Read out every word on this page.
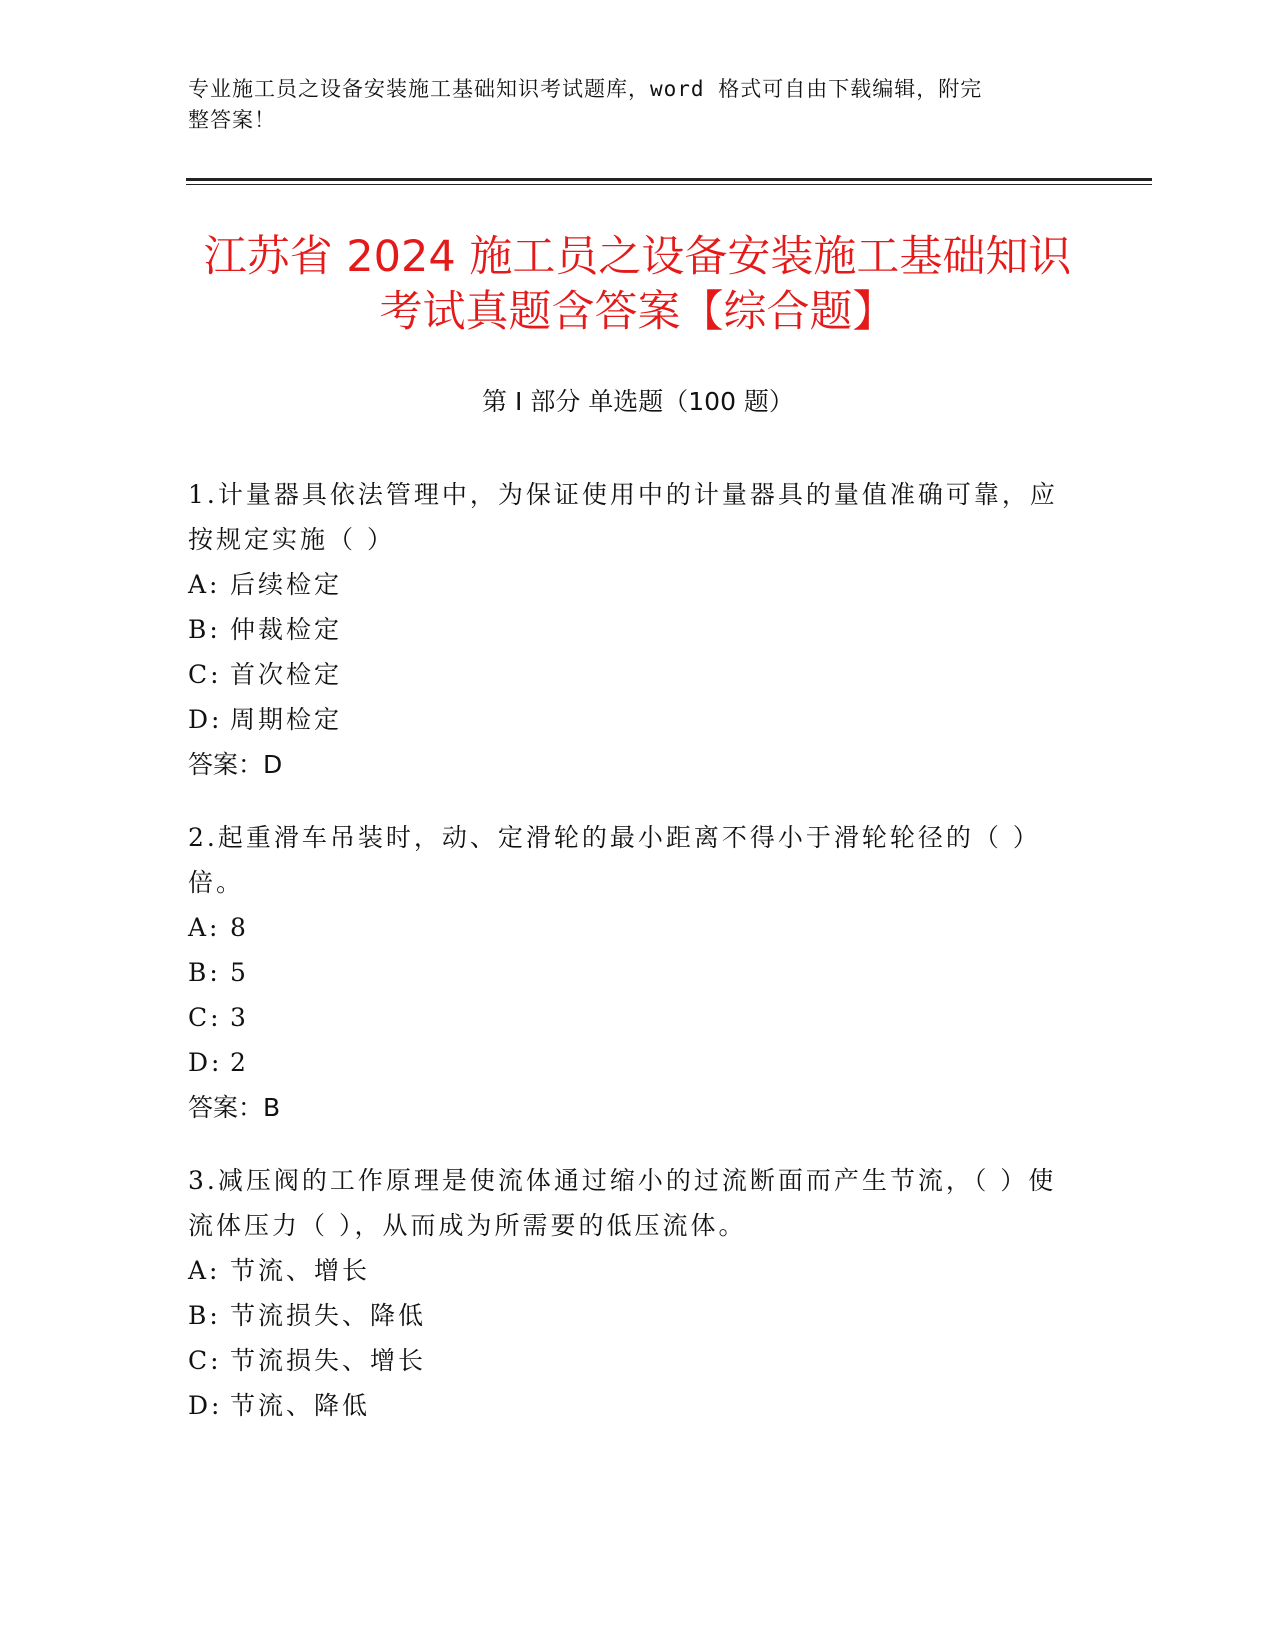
专业施工员之设备安装施工基础知识考试题库，word 格式可自由下载编辑，附完
整答案！
江苏省 2024 施工员之设备安装施工基础知识
考试真题含答案【综合题】
第 I 部分 单选题（100 题）
1.计量器具依法管理中，为保证使用中的计量器具的量值准确可靠，应按规定实施（ ）
A: 后续检定
B: 仲裁检定
C: 首次检定
D: 周期检定
答案：D
2.起重滑车吊装时，动、定滑轮的最小距离不得小于滑轮轮径的（ ）倍。
A: 8
B: 5
C: 3
D: 2
答案：B
3.减压阀的工作原理是使流体通过缩小的过流断面而产生节流，（ ）使流体压力（ ），从而成为所需要的低压流体。
A: 节流、增长
B: 节流损失、降低
C: 节流损失、增长
D: 节流、降低
